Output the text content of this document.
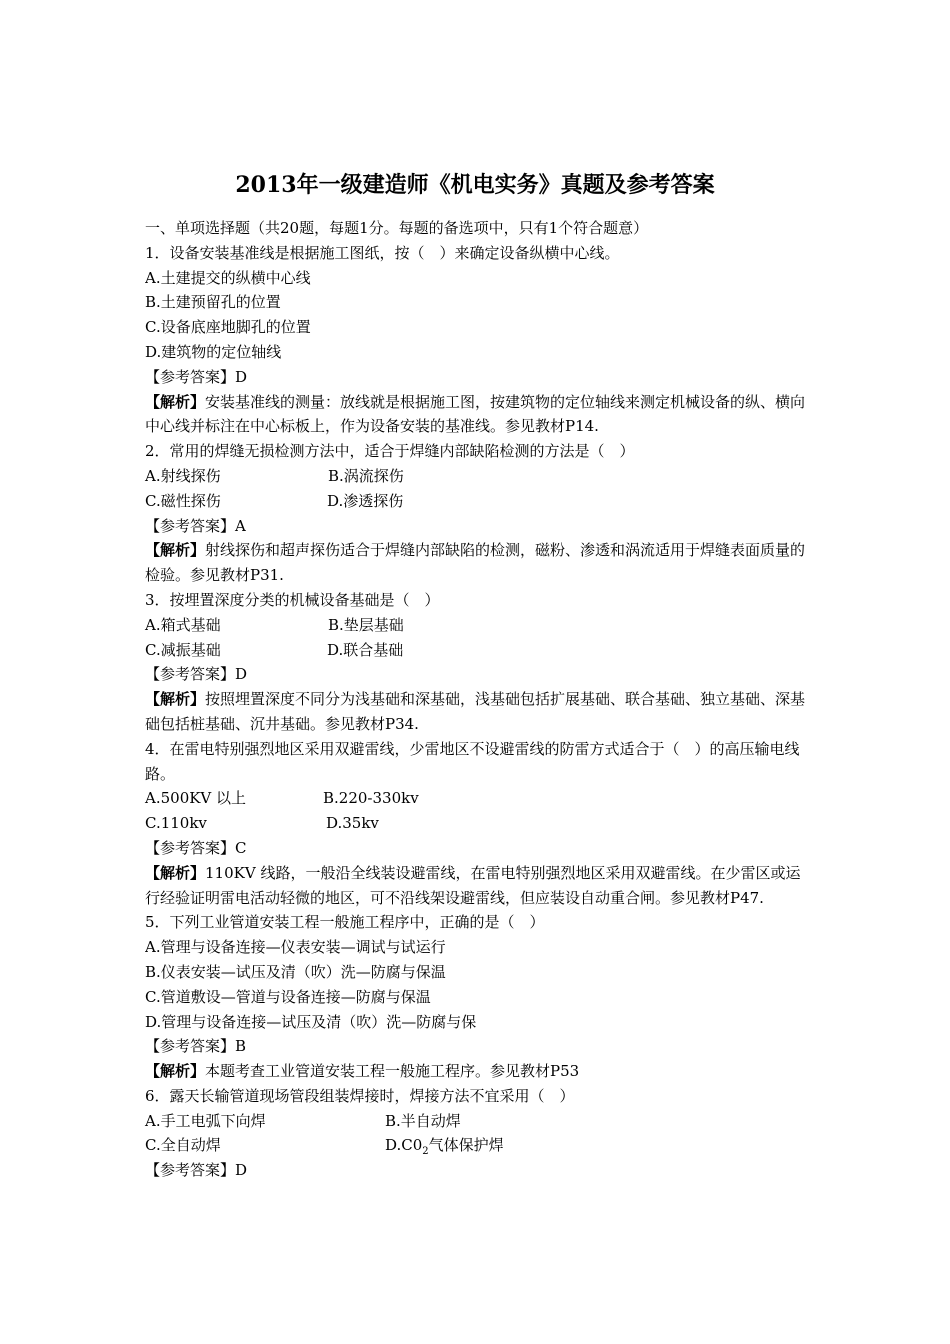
2013年一级建造师《机电实务》真题及参考答案
一、单项选择题（共20题，每题1分。每题的备选项中，只有1个符合题意）
1．设备安装基准线是根据施工图纸，按（　）来确定设备纵横中心线。
A.土建提交的纵横中心线
B.土建预留孔的位置
C.设备底座地脚孔的位置
D.建筑物的定位轴线
【参考答案】D
【解析】安装基准线的测量：放线就是根据施工图，按建筑物的定位轴线来测定机械设备的纵、横向中心线并标注在中心标板上，作为设备安装的基准线。参见教材P14.
2．常用的焊缝无损检测方法中，适合于焊缝内部缺陷检测的方法是（　）
A.射线探伤	B.涡流探伤
C.磁性探伤	D.渗透探伤
【参考答案】A
【解析】射线探伤和超声探伤适合于焊缝内部缺陷的检测，磁粉、渗透和涡流适用于焊缝表面质量的检验。参见教材P31.
3．按埋置深度分类的机械设备基础是（　）
A.箱式基础	B.垫层基础
C.减振基础	D.联合基础
【参考答案】D
【解析】按照埋置深度不同分为浅基础和深基础，浅基础包括扩展基础、联合基础、独立基础、深基础包括桩基础、沉井基础。参见教材P34.
4．在雷电特别强烈地区采用双避雷线，少雷地区不设避雷线的防雷方式适合于（　）的高压输电线路。
A.500KV 以上	B.220-330kv
C.110kv	D.35kv
【参考答案】C
【解析】110KV 线路，一般沿全线装设避雷线，在雷电特别强烈地区采用双避雷线。在少雷区或运行经验证明雷电活动轻微的地区，可不沿线架设避雷线，但应装设自动重合闸。参见教材P47.
5．下列工业管道安装工程一般施工程序中，正确的是（　）
A.管理与设备连接—仪表安装—调试与试运行
B.仪表安装—试压及清（吹）洗—防腐与保温
C.管道敷设—管道与设备连接—防腐与保温
D.管理与设备连接—试压及清（吹）洗—防腐与保
【参考答案】B
【解析】本题考查工业管道安装工程一般施工程序。参见教材P53
6．露天长输管道现场管段组装焊接时，焊接方法不宜采用（　）
A.手工电弧下向焊	B.半自动焊
C.全自动焊	$D.C0_2$气体保护焊
【参考答案】D
